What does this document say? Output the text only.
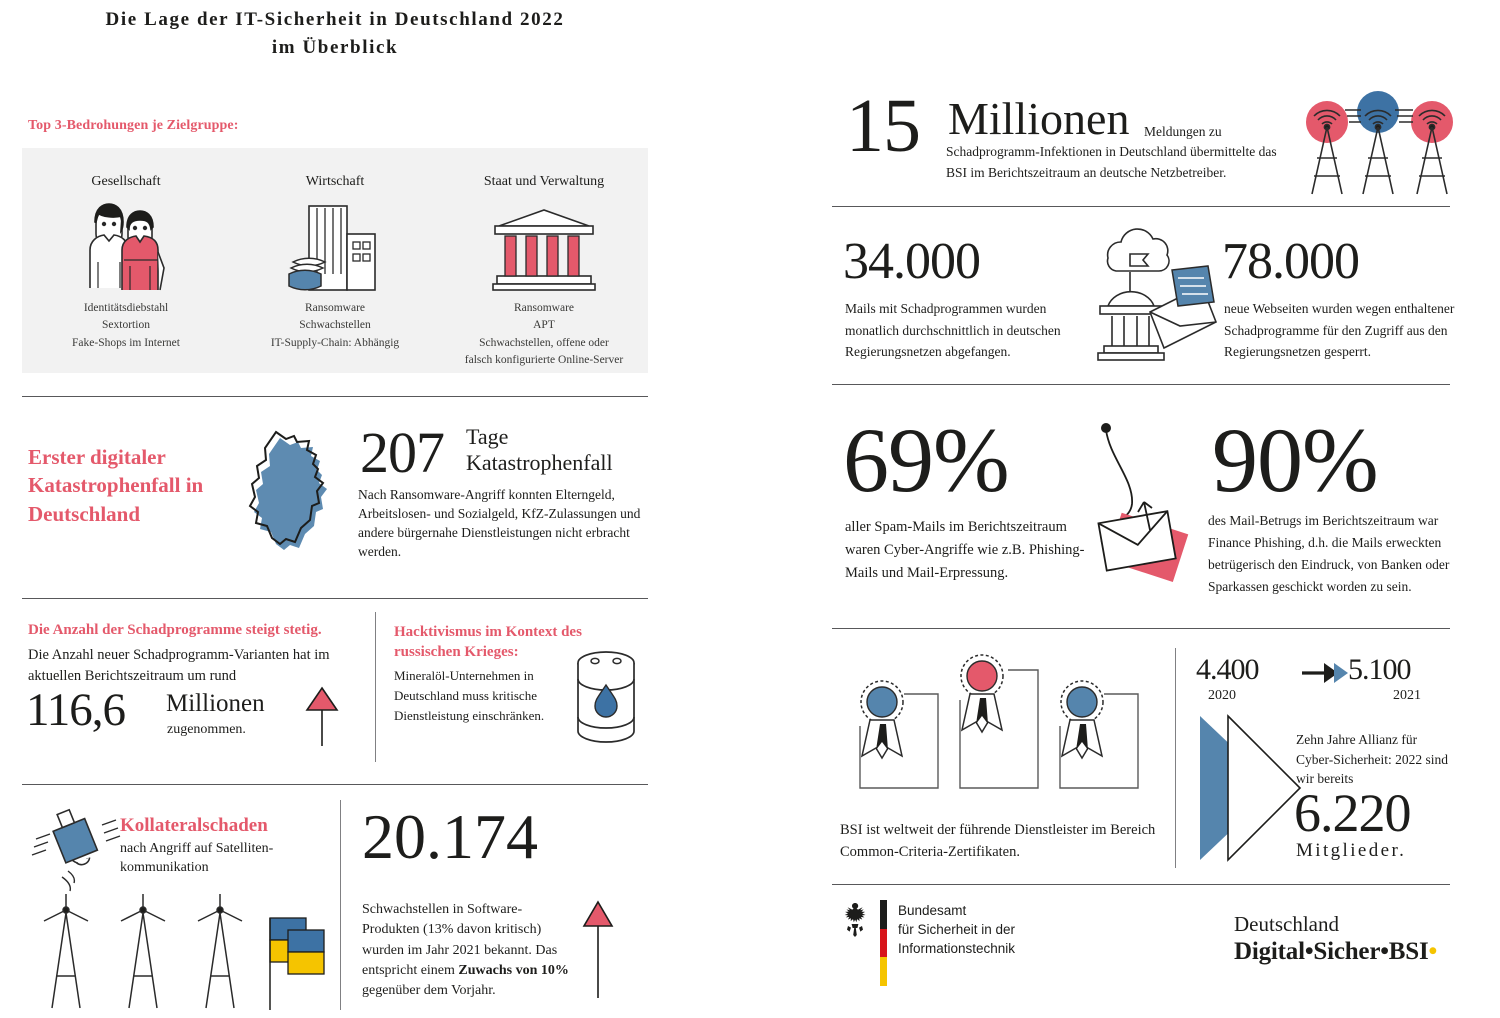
Die Lage der IT-Sicherheit in Deutschland 2022
im Überblick
Top 3-Bedrohungen je Zielgruppe:
Gesellschaft
Identitätsdiebstahl
Sextortion
Fake-Shops im Internet
Wirtschaft
Ransomware
Schwachstellen
IT-Supply-Chain: Abhängig
Staat und Verwaltung
Ransomware
APT
Schwachstellen, offene oder
falsch konfigurierte Online-Server
Erster digitaler Katastrophenfall in Deutschland
207 Tage
Katastrophenfall
Nach Ransomware-Angriff konnten Elterngeld, Arbeitslosen- und Sozialgeld, KfZ-Zulassungen und andere bürgernahe Dienstleistungen nicht erbracht werden.
Die Anzahl der Schadprogramme steigt stetig.
Die Anzahl neuer Schadprogramm-Varianten hat im aktuellen Berichtszeitraum um rund
116,6 Millionen
zugenommen.
Hacktivismus im Kontext des russischen Krieges:
Mineralöl-Unternehmen in Deutschland muss kritische Dienstleistung einschränken.
Kollateralschaden
nach Angriff auf Satelliten-kommunikation	20.174
Schwachstellen in Software-Produkten (13% davon kritisch) wurden im Jahr 2021 bekannt. Das entspricht einem Zuwachs von 10% gegenüber dem Vorjahr.
15 Millionen	Meldungen zu Schadprogramm-Infektionen in Deutschland übermittelte das BSI im Berichtszeitraum an deutsche Netzbetreiber.
34.000
Mails mit Schadprogrammen wurden monatlich durchschnittlich in deutschen Regierungsnetzen abgefangen.
78.000
neue Webseiten wurden wegen enthaltener Schadprogramme für den Zugriff aus den Regierungsnetzen gesperrt.
69%
aller Spam-Mails im Berichtszeitraum waren Cyber-Angriffe wie z.B. Phishing-Mails und Mail-Erpressung.
90%
des Mail-Betrugs im Berichtszeitraum war Finance Phishing, d.h. die Mails erweckten betrügerisch den Eindruck, von Banken oder Sparkassen geschickt worden zu sein.
BSI ist weltweit der führende Dienstleister im Bereich Common-Criteria-Zertifikaten.
4.400
2020
5.100
2021
Zehn Jahre Allianz für Cyber-Sicherheit: 2022 sind wir bereits
6.220
Mitglieder.
Bundesamt
für Sicherheit in der
Informationstechnik
Deutschland
Digital•Sicher•BSI•
